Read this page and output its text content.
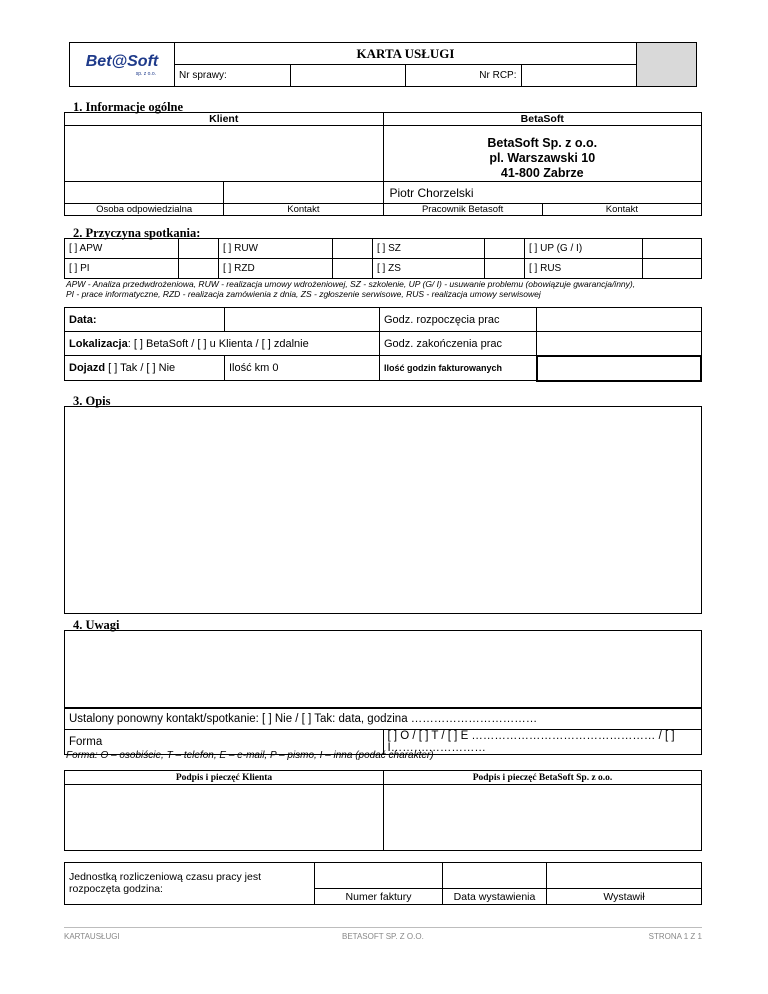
Bet@Soft
sp. z o.o.	KARTA USŁUGI				
	Nr sprawy:		Nr RCP:		
1. Informacje ogólne
Klient		BetaSoft	

		BetaSoft Sp. z o.o.
pl. Warszawski 10
41-800 Zabrze	

		Piotr Chorzelski	
Osoba odpowiedzialna	Kontakt	Pracownik Betasoft	Kontakt
2. Przyczyna spotkania:
[ ] APW		[ ] RUW		[ ] SZ		[ ] UP (G / I)	
[ ] PI		[ ] RZD		[ ] ZS		[ ] RUS	
APW - Analiza przedwdrożeniowa, RUW - realizacja umowy wdrożeniowej, SZ - szkolenie, UP (G/ I) - usuwanie problemu (obowiązuje gwarancja/inny),
PI - prace informatyczne, RZD - realizacja zamówienia z dnia, ZS - zgłoszenie serwisowe, RUS - realizacja umowy serwisowej
Data:		Godz. rozpoczęcia prac	
Lokalizacja: [ ] BetaSoft / [ ] u Klienta / [ ] zdalnie		Godz. zakończenia prac	
Dojazd [ ] Tak / [ ] Nie	Ilość km 0	Ilość godzin fakturowanych	
3. Opis
4. Uwagi
Ustalony ponowny kontakt/spotkanie: [ ] Nie / [ ] Tak: data, godzina ……………………………
Forma	[ ] O / [ ] T / [ ] E ………………………………………… / [ ] I……….……………
Forma: O – osobiście, T – telefon, E – e-mail, P – pismo, I – inna (podać charakter)
Podpis i pieczęć Klienta	Podpis i pieczęć BetaSoft Sp. z o.o.

Jednostką rozliczeniową czasu pracy jest rozpoczęta godzina:			
	Numer faktury	Data wystawienia	Wystawił
KARTAUSŁUGI	BETASOFT SP. Z O.O.	STRONA 1 Z 1
